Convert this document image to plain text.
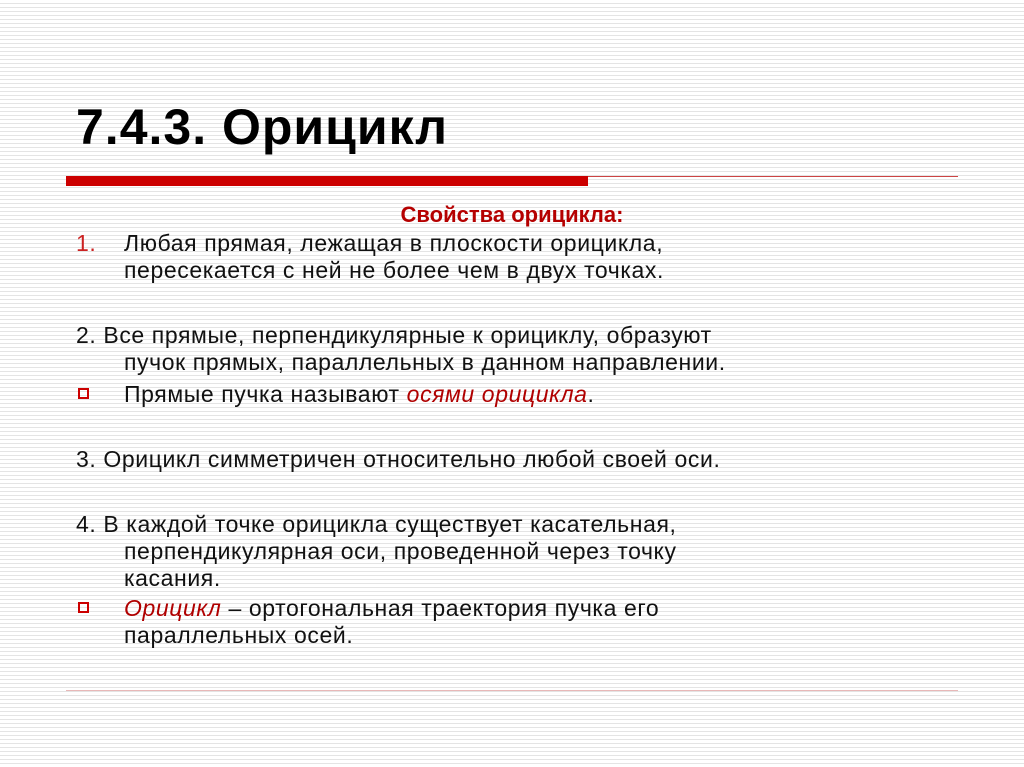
7.4.3. Орицикл

Свойства орицикла:

1. Любая прямая, лежащая в плоскости орицикла,

пересекается с ней не более чем в двух точках.

2. Все прямые, перпендикулярные к орициклу, образуют

пучок прямых, параллельных в данном направлении.

Прямые пучка называют осями орицикла.

3. Орицикл симметричен относительно любой своей оси.

4. В каждой точке орицикла существует касательная,

перпендикулярная оси, проведенной через точку

касания.

Орицикл – ортогональная траектория пучка его

параллельных осей.
